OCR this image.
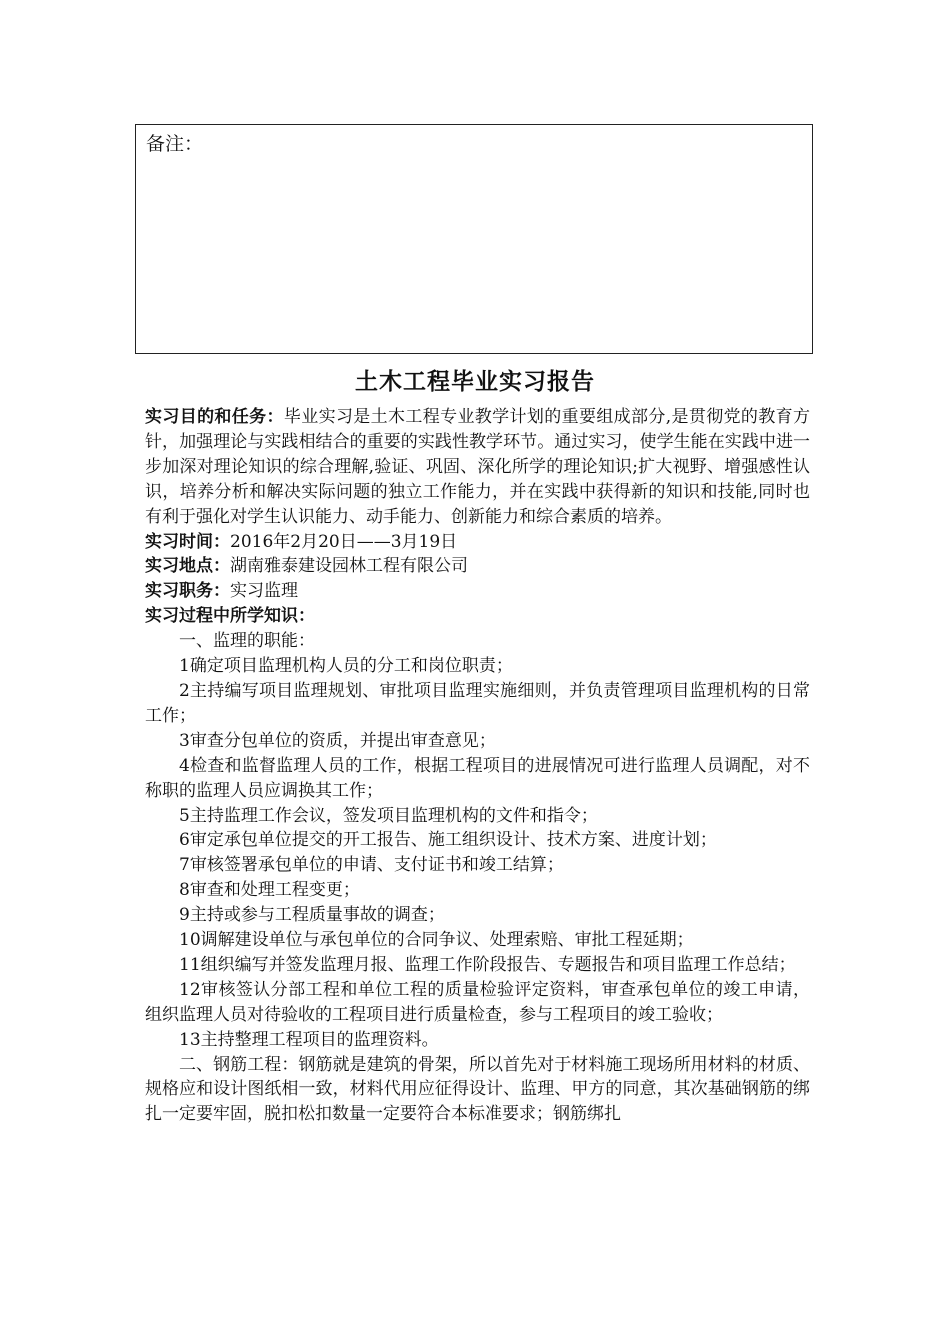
备注：
土木工程毕业实习报告

实习目的和任务：毕业实习是土木工程专业教学计划的重要组成部分,是贯彻党的教育方针，加强理论与实践相结合的重要的实践性教学环节。通过实习，使学生能在实践中进一步加深对理论知识的综合理解,验证、巩固、深化所学的理论知识;扩大视野、增强感性认识，培养分析和解决实际问题的独立工作能力，并在实践中获得新的知识和技能,同时也有利于强化对学生认识能力、动手能力、创新能力和综合素质的培养。

实习时间：2016年2月20日——3月19日

实习地点：湖南雅泰建设园林工程有限公司

实习职务：实习监理

实习过程中所学知识：

一、监理的职能：

1确定项目监理机构人员的分工和岗位职责；

2主持编写项目监理规划、审批项目监理实施细则，并负责管理项目监理机构的日常工作；

3审查分包单位的资质，并提出审查意见；

4检查和监督监理人员的工作，根据工程项目的进展情况可进行监理人员调配，对不称职的监理人员应调换其工作；

5主持监理工作会议，签发项目监理机构的文件和指令；

6审定承包单位提交的开工报告、施工组织设计、技术方案、进度计划；

7审核签署承包单位的申请、支付证书和竣工结算；

8审查和处理工程变更；

9主持或参与工程质量事故的调查；

10调解建设单位与承包单位的合同争议、处理索赔、审批工程延期；

11组织编写并签发监理月报、监理工作阶段报告、专题报告和项目监理工作总结；

12审核签认分部工程和单位工程的质量检验评定资料，审查承包单位的竣工申请，组织监理人员对待验收的工程项目进行质量检查，参与工程项目的竣工验收；

13主持整理工程项目的监理资料。

二、钢筋工程：钢筋就是建筑的骨架，所以首先对于材料施工现场所用材料的材质、规格应和设计图纸相一致，材料代用应征得设计、监理、甲方的同意，其次基础钢筋的绑扎一定要牢固，脱扣松扣数量一定要符合本标准要求；钢筋绑扎
